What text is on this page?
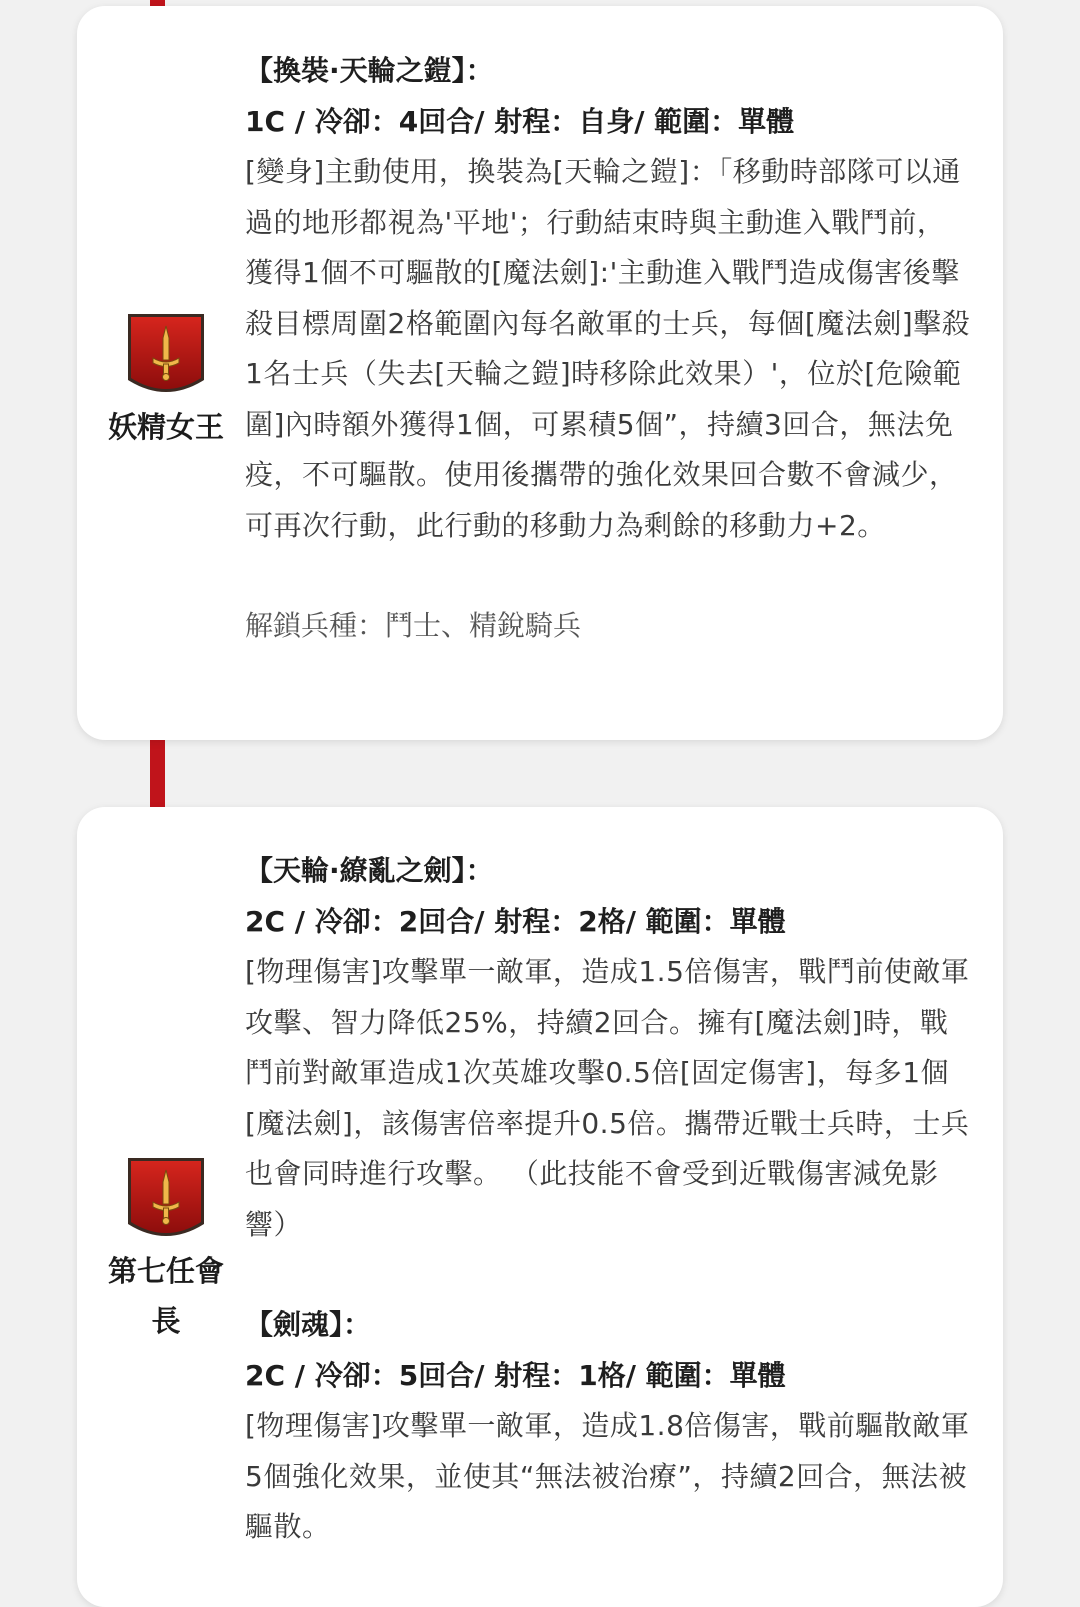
妖精女王
【換裝·天輪之鎧】：
1C / 冷卻：4回合/ 射程：自身/ 範圍：單體
[變身]主動使用，換裝為[天輪之鎧]：「移動時部隊可以通過的地形都視為'平地'；行動結束時與主動進入戰鬥前，獲得1個不可驅散的[魔法劍]:'主動進入戰鬥造成傷害後擊殺目標周圍2格範圍內每名敵軍的士兵，每個[魔法劍]擊殺1名士兵（失去[天輪之鎧]時移除此效果）'，位於[危險範圍]內時額外獲得1個，可累積5個”，持續3回合，無法免疫，不可驅散。使用後攜帶的強化效果回合數不會減少，可再次行動，此行動的移動力為剩餘的移動力+2。
解鎖兵種：鬥士、精銳騎兵
【天輪·繚亂之劍】：
2C / 冷卻：2回合/ 射程：2格/ 範圍：單體
[物理傷害]攻擊單一敵軍，造成1.5倍傷害，戰鬥前使敵軍攻擊、智力降低25%，持續2回合。擁有[魔法劍]時，戰鬥前對敵軍造成1次英雄攻擊0.5倍[固定傷害]，每多1個[魔法劍]，該傷害倍率提升0.5倍。攜帶近戰士兵時，士兵也會同時進行攻擊。 （此技能不會受到近戰傷害減免影響）
【劍魂】：
2C / 冷卻：5回合/ 射程：1格/ 範圍：單體
[物理傷害]攻擊單一敵軍，造成1.8倍傷害，戰前驅散敵軍5個強化效果，並使其“無法被治療”，持續2回合，無法被驅散。
第七任會長
